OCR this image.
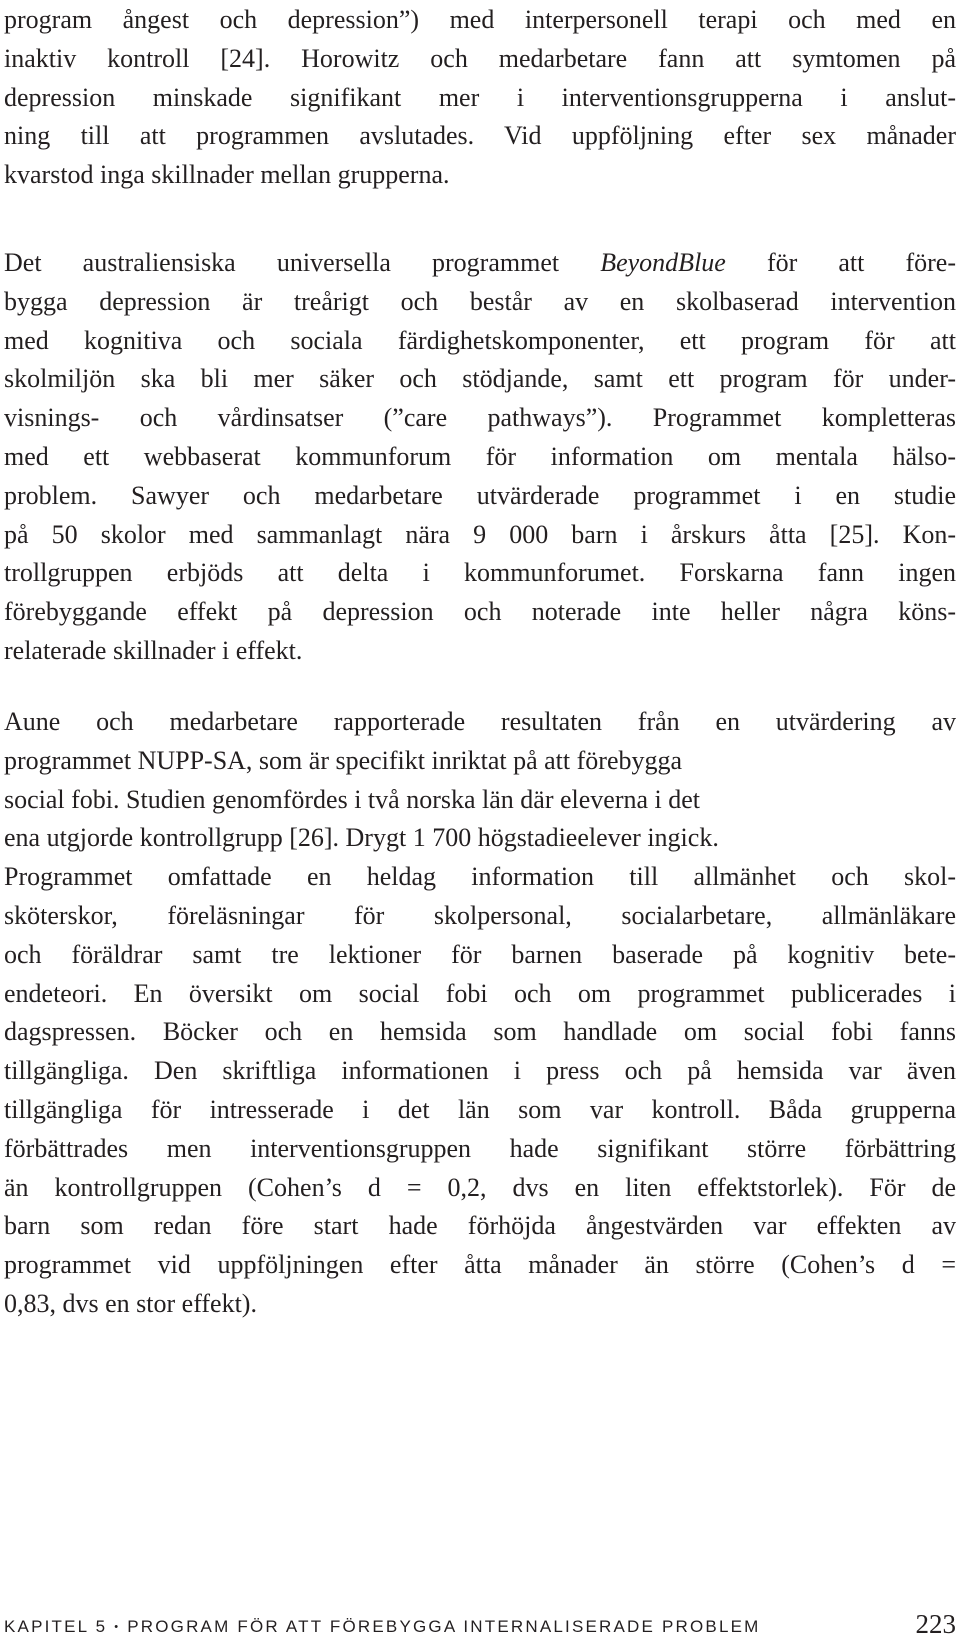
program ångest och depression”) med interpersonell terapi och med en
inaktiv kontroll [24]. Horowitz och medarbetare fann att symtomen på
depression minskade signifikant mer i interventionsgrupperna i anslut-
ning till att programmen avslutades. Vid uppföljning efter sex månader
kvarstod inga skillnader mellan grupperna.
Det australiensiska universella programmet BeyondBlue för att före-
bygga depression är treårigt och består av en skolbaserad intervention
med kognitiva och sociala färdighetskomponenter, ett program för att
skolmiljön ska bli mer säker och stödjande, samt ett program för under-
visnings- och vårdinsatser (”care pathways”). Programmet kompletteras
med ett webbaserat kommunforum för information om mentala hälso-
problem. Sawyer och medarbetare utvärderade programmet i en studie
på 50 skolor med sammanlagt nära 9 000 barn i årskurs åtta [25]. Kon-
trollgruppen erbjöds att delta i kommunforumet. Forskarna fann ingen
förebyggande effekt på depression och noterade inte heller några köns-
relaterade skillnader i effekt.
Aune och medarbetare rapporterade resultaten från en utvärdering av
programmet NUPP-SA, som är specifikt inriktat på att förebygga
social fobi. Studien genomfördes i två norska län där eleverna i det
ena utgjorde kontrollgrupp [26]. Drygt 1 700 högstadieelever ingick.
Programmet omfattade en heldag information till allmänhet och skol-
sköterskor, föreläsningar för skolpersonal, socialarbetare, allmänläkare
och föräldrar samt tre lektioner för barnen baserade på kognitiv bete-
endeteori. En översikt om social fobi och om programmet publicerades i
dagspressen. Böcker och en hemsida som handlade om social fobi fanns
tillgängliga. Den skriftliga informationen i press och på hemsida var även
tillgängliga för intresserade i det län som var kontroll. Båda grupperna
förbättrades men interventionsgruppen hade signifikant större förbättring
än kontrollgruppen (Cohen’s d = 0,2, dvs en liten effektstorlek). För de
barn som redan före start hade förhöjda ångestvärden var effekten av
programmet vid uppföljningen efter åtta månader än större (Cohen’s d =
0,83, dvs en stor effekt).
KAPITEL 5 • PROGRAM FÖR ATT FÖREBYGGA INTERNALISERADE PROBLEM	223
